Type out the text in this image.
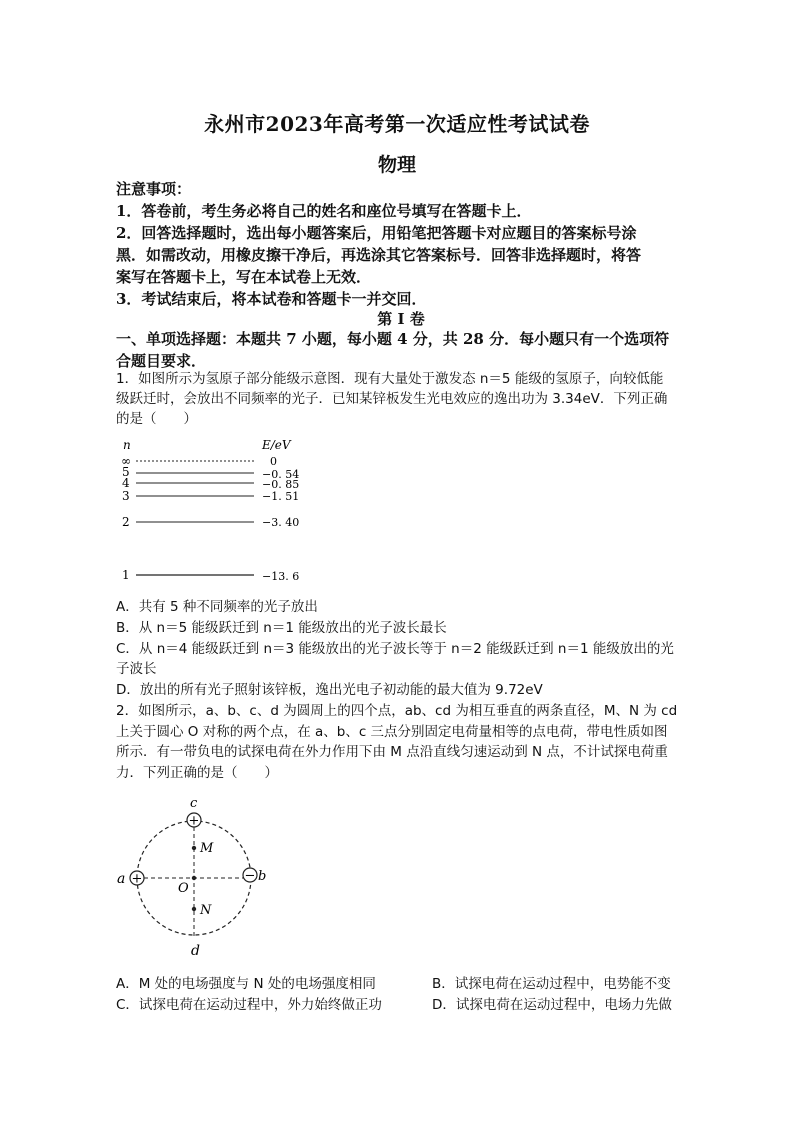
永州市2023年高考第一次适应性考试试卷
物理
注意事项：
1．答卷前，考生务必将自己的姓名和座位号填写在答题卡上．
2．回答选择题时，选出每小题答案后，用铅笔把答题卡对应题目的答案标号涂
黑．如需改动，用橡皮擦干净后，再选涂其它答案标号．回答非选择题时，将答
案写在答题卡上，写在本试卷上无效．
3．考试结束后，将本试卷和答题卡一并交回．
第 I 卷
一、单项选择题：本题共 7 小题，每小题 4 分，共 28 分．每小题只有一个选项符
合题目要求．
1．如图所示为氢原子部分能级示意图．现有大量处于激发态 n＝5 能级的氢原子，向较低能
级跃迁时，会放出不同频率的光子．已知某锌板发生光电效应的逸出功为 3.34eV．下列正确
的是（　　）
n	E/eV
∞	0
5	−0. 54
4	−0. 85
3	−1. 51
2	−3. 40
1	−13. 6
A．共有 5 种不同频率的光子放出
B．从 n＝5 能级跃迁到 n＝1 能级放出的光子波长最长
C．从 n＝4 能级跃迁到 n＝3 能级放出的光子波长等于 n＝2 能级跃迁到 n＝1 能级放出的光
子波长
D．放出的所有光子照射该锌板，逸出光电子初动能的最大值为 9.72eV
2．如图所示，a、b、c、d 为圆周上的四个点，ab、cd 为相互垂直的两条直径，M、N 为 cd
上关于圆心 O 对称的两个点，在 a、b、c 三点分别固定电荷量相等的点电荷，带电性质如图
所示．有一带负电的试探电荷在外力作用下由 M 点沿直线匀速运动到 N 点，不计试探电荷重
力．下列正确的是（　　）
+
c
+
a	− b
M
O
N
d
A．M 处的电场强度与 N 处的电场强度相同	B．试探电荷在运动过程中，电势能不变
C．试探电荷在运动过程中，外力始终做正功	D．试探电荷在运动过程中，电场力先做
